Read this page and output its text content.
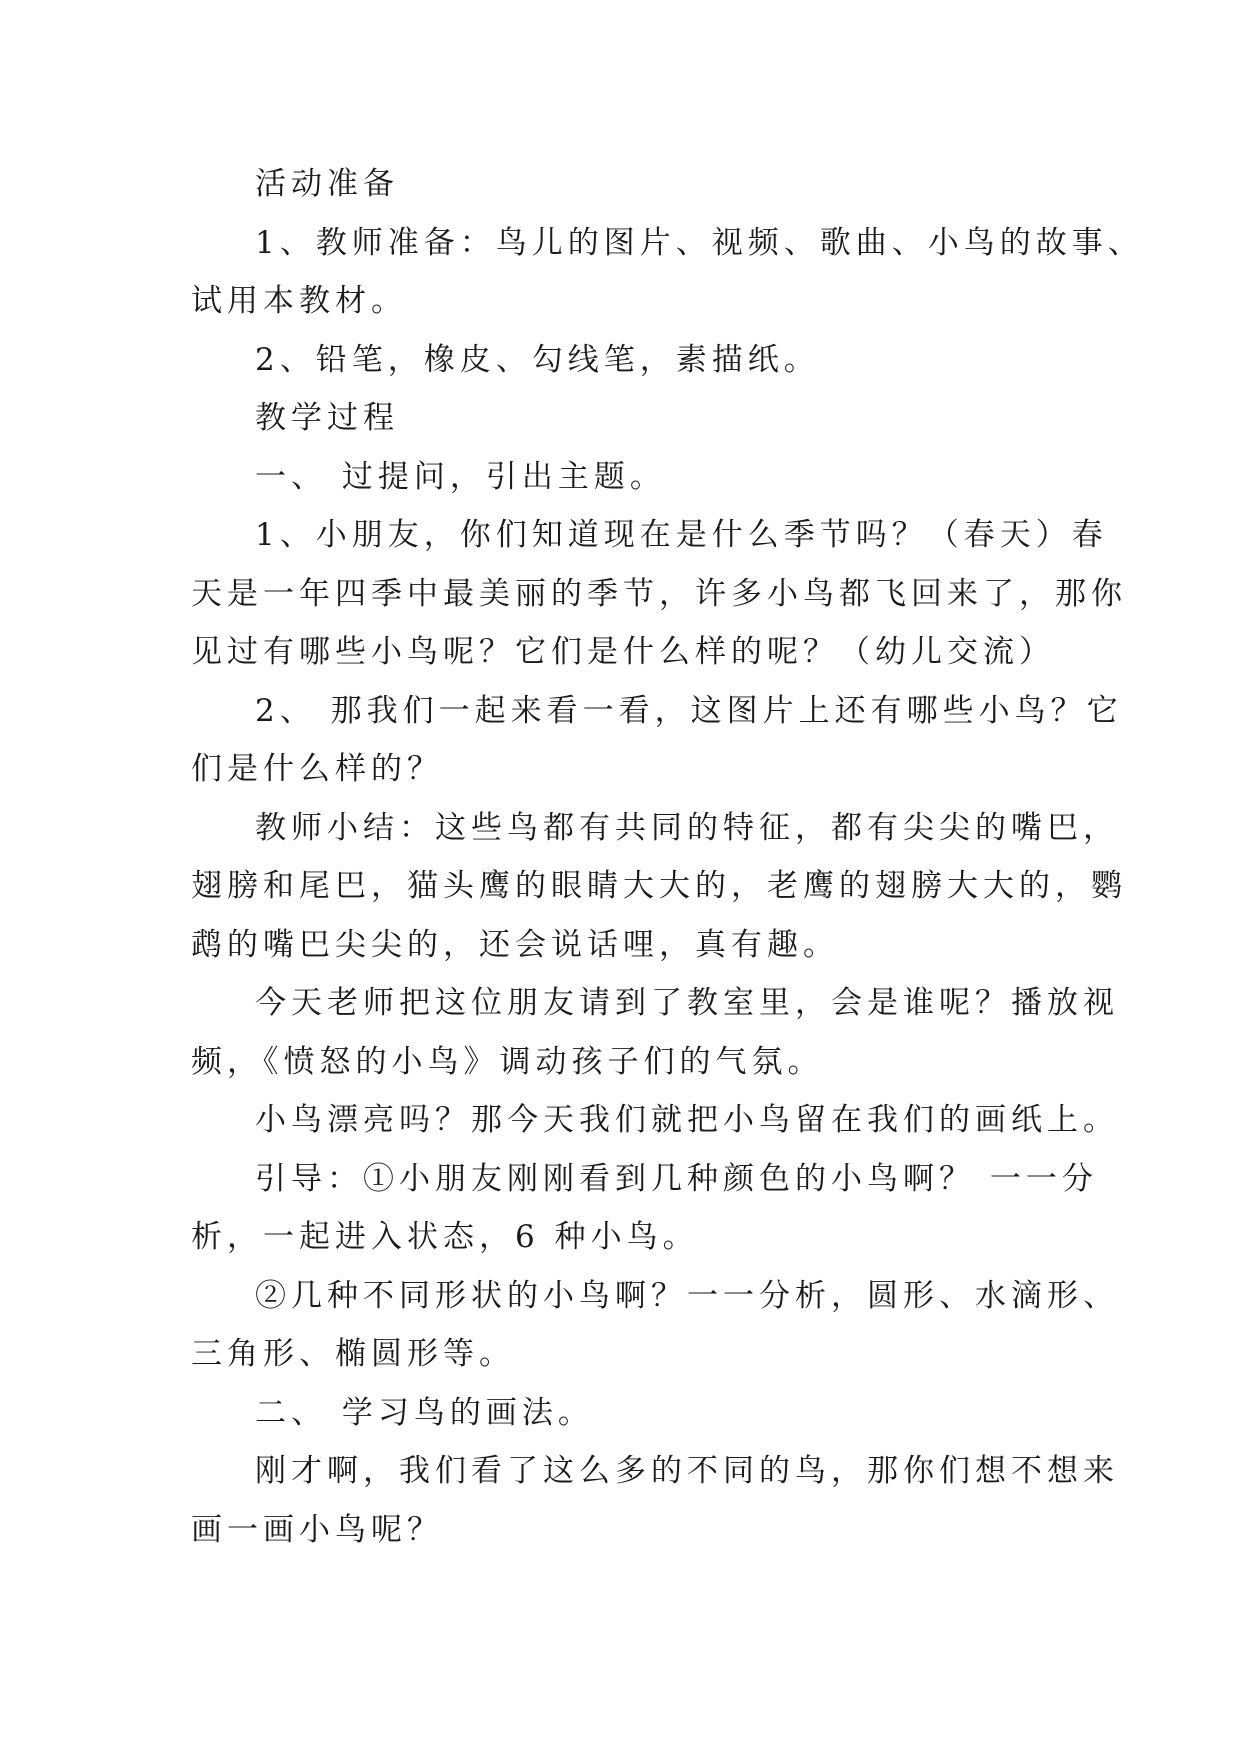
活动准备
1、教师准备：鸟儿的图片、视频、歌曲、小鸟的故事、
试用本教材。
2、铅笔，橡皮、勾线笔，素描纸。
教学过程
一、 过提问，引出主题。
1、小朋友，你们知道现在是什么季节吗？（春天）春
天是一年四季中最美丽的季节，许多小鸟都飞回来了，那你
见过有哪些小鸟呢？它们是什么样的呢？（幼儿交流）
2、 那我们一起来看一看，这图片上还有哪些小鸟？它
们是什么样的？
教师小结：这些鸟都有共同的特征，都有尖尖的嘴巴，
翅膀和尾巴，猫头鹰的眼睛大大的，老鹰的翅膀大大的，鹦
鹉的嘴巴尖尖的，还会说话哩，真有趣。
今天老师把这位朋友请到了教室里，会是谁呢？播放视
频，《愤怒的小鸟》调动孩子们的气氛。
小鸟漂亮吗？那今天我们就把小鸟留在我们的画纸上。
引导：①小朋友刚刚看到几种颜色的小鸟啊？ 一一分
析，一起进入状态，6 种小鸟。
②几种不同形状的小鸟啊？一一分析，圆形、水滴形、
三角形、椭圆形等。
二、 学习鸟的画法。
刚才啊，我们看了这么多的不同的鸟，那你们想不想来
画一画小鸟呢？
